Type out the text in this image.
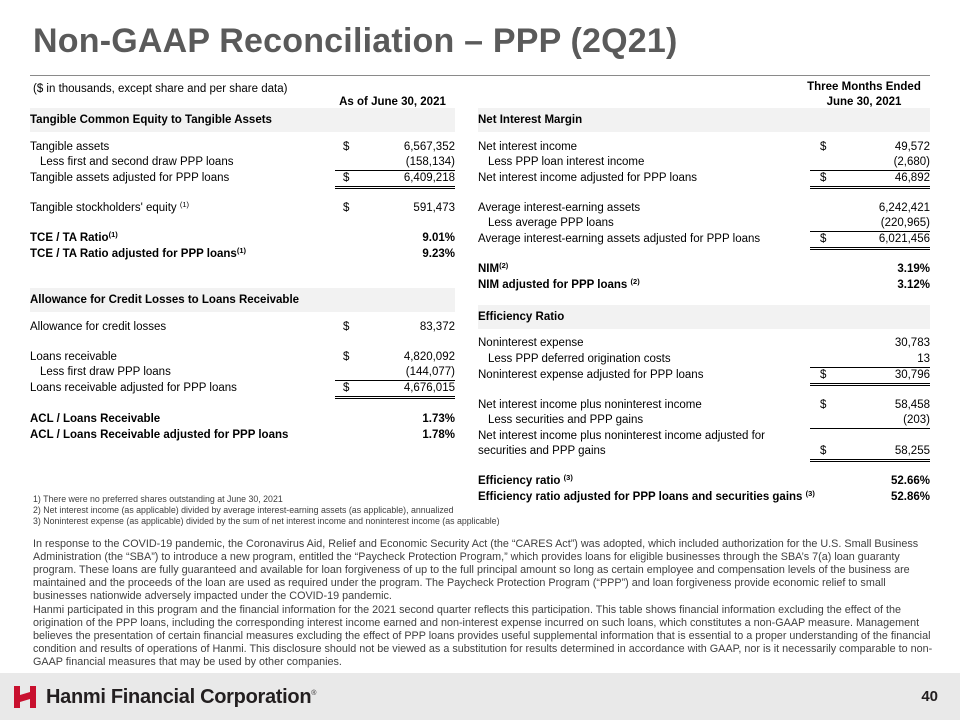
Non-GAAP Reconciliation – PPP (2Q21)
($ in thousands, except share and per share data)
As of June 30, 2021
Tangible Common Equity to Tangible Assets
Tangible assets	$	6,567,352
Less first and second draw PPP loans	(158,134)
Tangible assets adjusted for PPP loans	$	6,409,218
Tangible stockholders' equity $^{(1)}$	$	591,473
TCE / TA Ratio$^{(1)}$	9.01%
TCE / TA Ratio adjusted for PPP loans$^{(1)}$	9.23%
Allowance for Credit Losses to Loans Receivable
Allowance for credit losses	$	83,372
Loans receivable	$	4,820,092
Less first draw PPP loans	(144,077)
Loans receivable adjusted for PPP loans	$	4,676,015
ACL / Loans Receivable	1.73%
ACL / Loans Receivable adjusted for PPP loans	1.78%
Three Months Ended
June 30, 2021
Net Interest Margin
Net interest income	$	49,572
Less PPP loan interest income	(2,680)
Net interest income adjusted for PPP loans	$	46,892
Average interest-earning assets	6,242,421
Less average PPP loans	(220,965)
Average interest-earning assets adjusted for PPP loans	$	6,021,456
NIM$^{(2)}$	3.19%
NIM adjusted for PPP loans $^{(2)}$	3.12%
Efficiency Ratio
Noninterest expense	30,783
Less PPP deferred origination costs	13
Noninterest expense adjusted for PPP loans	$	30,796
Net interest income plus noninterest income	$	58,458
Less securities and PPP gains	(203)
Net interest income plus noninterest income adjusted for
securities and PPP gains	$	58,255
Efficiency ratio $^{(3)}$	52.66%
Efficiency ratio adjusted for PPP loans and securities gains $^{(3)}$	52.86%
1) There were no preferred shares outstanding at June 30, 2021
2) Net interest income (as applicable) divided by average interest-earning assets (as applicable), annualized
3) Noninterest expense (as applicable) divided by the sum of net interest income and noninterest income (as applicable)
In response to the COVID-19 pandemic, the Coronavirus Aid, Relief and Economic Security Act (the “CARES Act”) was adopted, which included authorization for the U.S. Small Business Administration (the “SBA”) to introduce a new program, entitled the “Paycheck Protection Program,” which provides loans for eligible businesses through the SBA’s 7(a) loan guaranty program. These loans are fully guaranteed and available for loan forgiveness of up to the full principal amount so long as certain employee and compensation levels of the business are maintained and the proceeds of the loan are used as required under the program. The Paycheck Protection Program (“PPP”) and loan forgiveness provide economic relief to small businesses nationwide adversely impacted under the COVID-19 pandemic.
Hanmi participated in this program and the financial information for the 2021 second quarter reflects this participation. This table shows financial information excluding the effect of the origination of the PPP loans, including the corresponding interest income earned and non-interest expense incurred on such loans, which constitutes a non-GAAP measure. Management believes the presentation of certain financial measures excluding the effect of PPP loans provides useful supplemental information that is essential to a proper understanding of the financial condition and results of operations of Hanmi. This disclosure should not be viewed as a substitution for results determined in accordance with GAAP, nor is it necessarily comparable to non-GAAP financial measures that may be used by other companies.
Hanmi Financial Corporation®	40
